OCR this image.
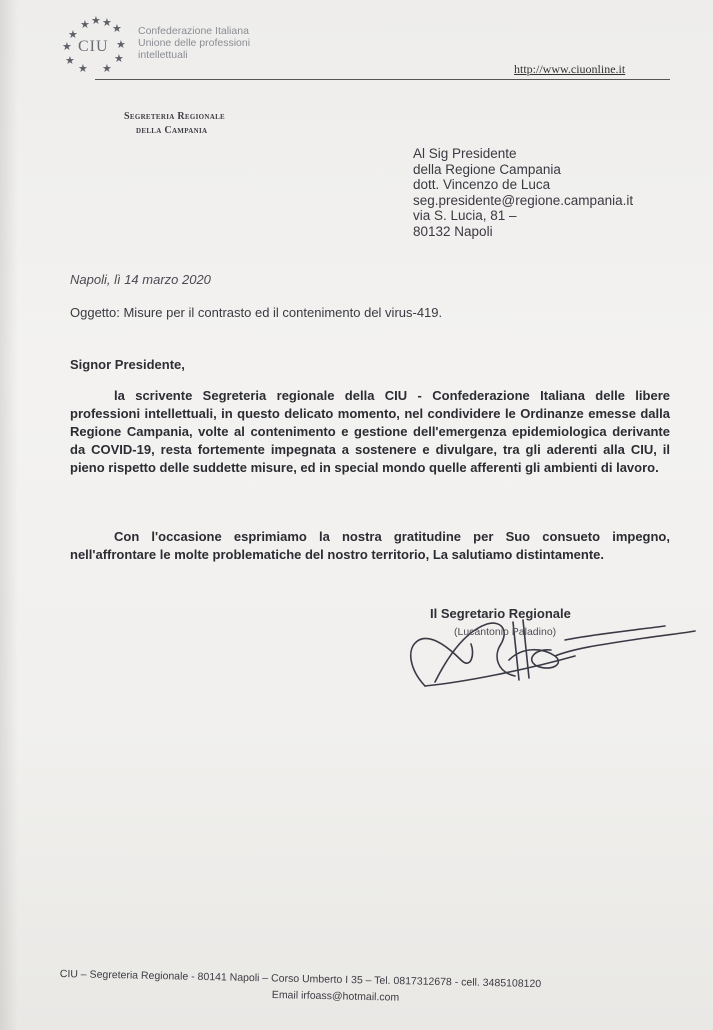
★ ★ ★ ★
★
★	★
★	★
★ ★
CIU
Confederazione Italiana
Unione delle professioni
intellettuali
http://www.ciuonline.it
Segreteria Regionale
della Campania
Al Sig Presidente
della Regione Campania
dott. Vincenzo de Luca
seg.presidente@regione.campania.it
via S. Lucia, 81 –
80132 Napoli
Napoli, lì 14 marzo 2020
Oggetto: Misure per il contrasto ed il contenimento del virus-419.
Signor Presidente,
la scrivente Segreteria regionale della CIU - Confederazione Italiana delle libere professioni intellettuali, in questo delicato momento, nel condividere le Ordinanze emesse dalla Regione Campania, volte al contenimento e gestione dell'emergenza epidemiologica derivante da COVID-19, resta fortemente impegnata a sostenere e divulgare, tra gli aderenti alla CIU, il pieno rispetto delle suddette misure, ed in special mondo quelle afferenti gli ambienti di lavoro.
Con l'occasione esprimiamo la nostra gratitudine per Suo consueto impegno, nell'affrontare le molte problematiche del nostro territorio, La salutiamo distintamente.
Il Segretario Regionale
(Lucantonio Paladino)
CIU – Segreteria Regionale - 80141 Napoli – Corso Umberto I 35 – Tel. 0817312678 - cell. 3485108120
Email irfoass@hotmail.com
